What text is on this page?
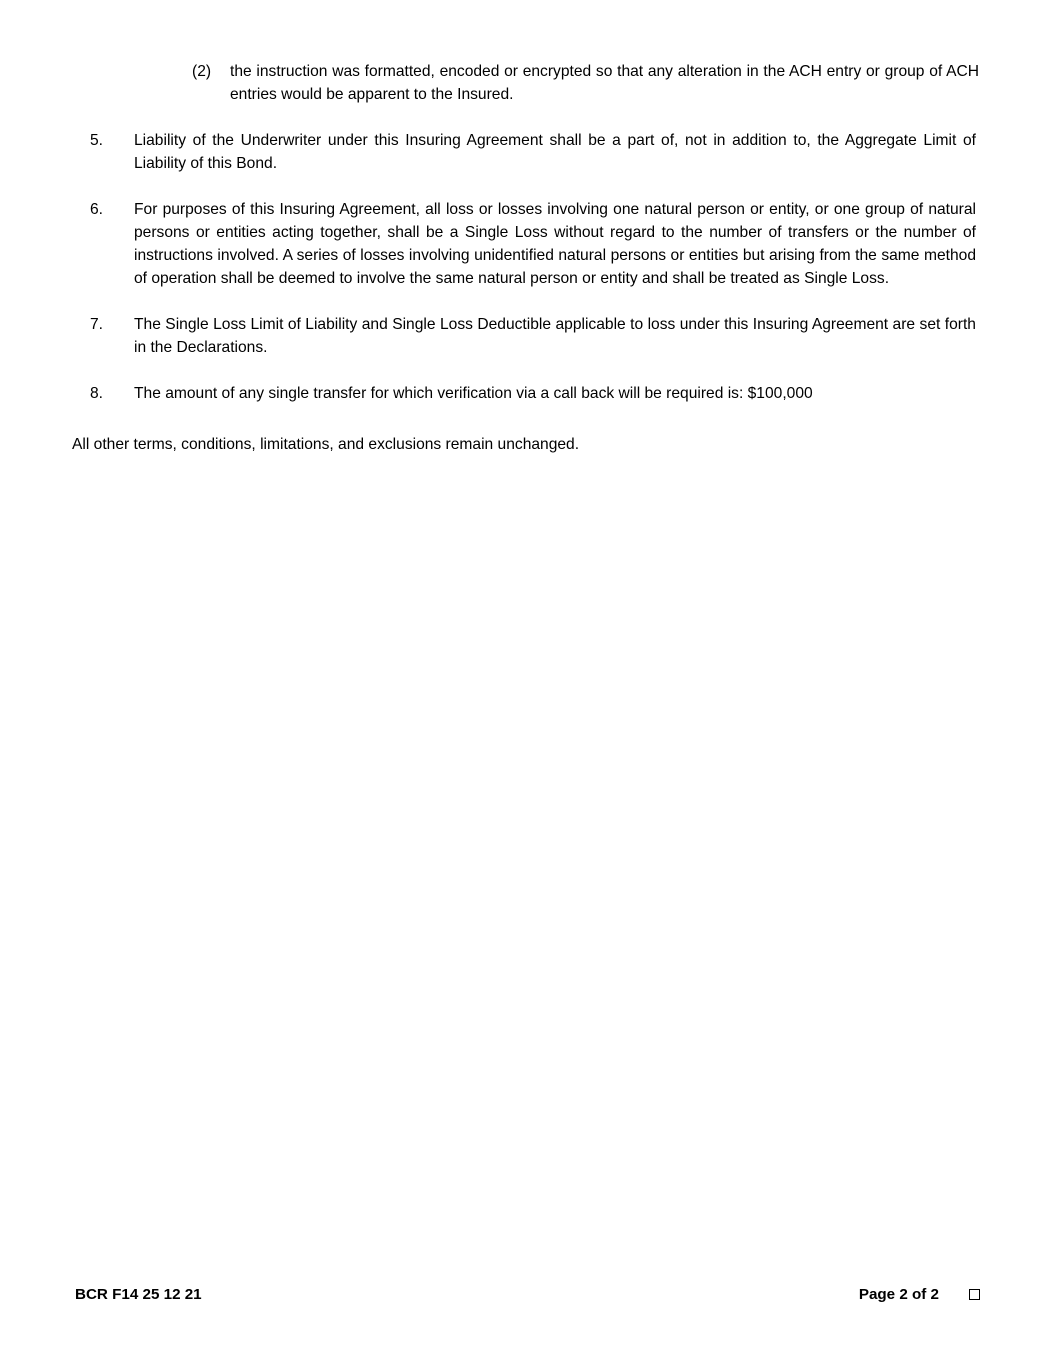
(2)	the instruction was formatted, encoded or encrypted so that any alteration in the ACH entry or group of ACH entries would be apparent to the Insured.
5.	Liability of the Underwriter under this Insuring Agreement shall be a part of, not in addition to, the Aggregate Limit of Liability of this Bond.
6.	For purposes of this Insuring Agreement, all loss or losses involving one natural person or entity, or one group of natural persons or entities acting together, shall be a Single Loss without regard to the number of transfers or the number of instructions involved. A series of losses involving unidentified natural persons or entities but arising from the same method of operation shall be deemed to involve the same natural person or entity and shall be treated as Single Loss.
7.	The Single Loss Limit of Liability and Single Loss Deductible applicable to loss under this Insuring Agreement are set forth in the Declarations.
8.	The amount of any single transfer for which verification via a call back will be required is: $100,000
All other terms, conditions, limitations, and exclusions remain unchanged.
BCR F14 25 12 21	Page 2 of 2
